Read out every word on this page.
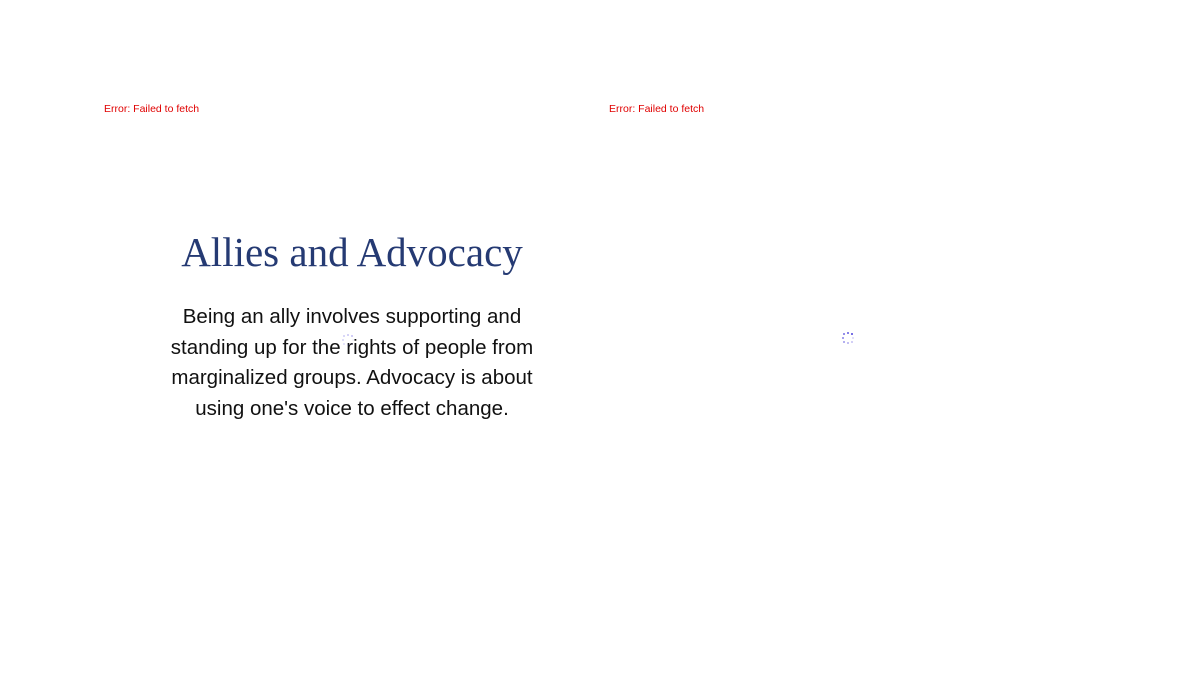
Error: Failed to fetch	Error: Failed to fetch
Allies and Advocacy

Being an ally involves supporting and standing up for the rights of people from marginalized groups. Advocacy is about using one's voice to effect change.
